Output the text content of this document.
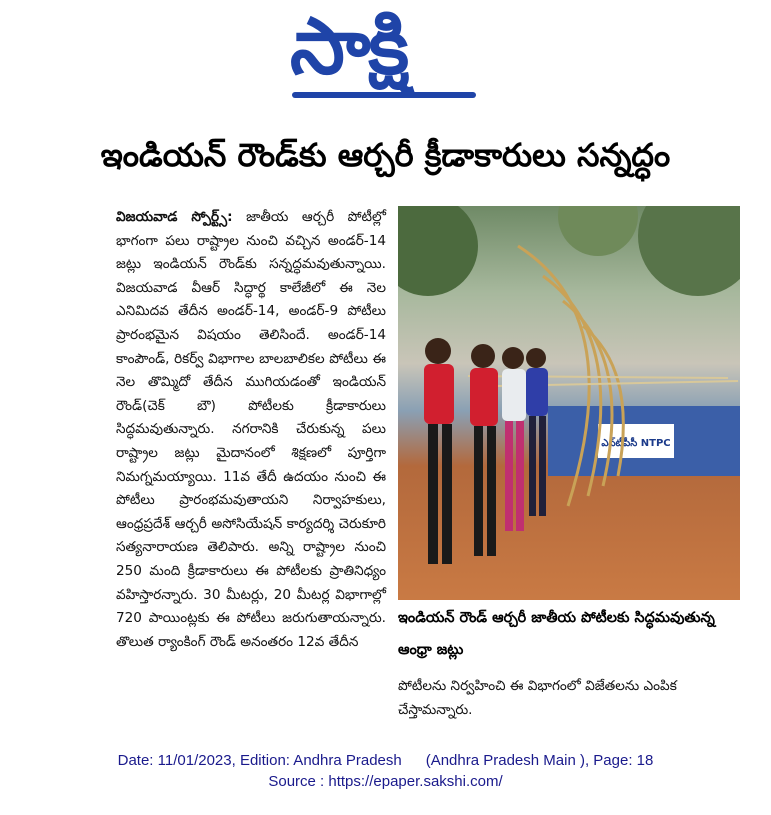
సాక్షి
ఇండియన్ రౌండ్‌కు ఆర్చరీ క్రీడాకారులు సన్నద్ధం
విజయవాడ స్పోర్ట్స్‌: జాతీయ ఆర్చరీ పోటీల్లో భాగంగా పలు రాష్ట్రాల నుంచి వచ్చిన అండర్‌-14 జట్లు ఇండియన్‌ రౌండ్‌కు సన్నద్ధమవుతున్నాయి. విజయవాడ వీఆర్‌ సిద్ధార్థ కాలేజీలో ఈ నెల ఎనిమిదవ తేదీన అండర్‌-14, అండర్‌-9 పోటీలు ప్రారంభమైన విషయం తెలిసిందే. అండర్‌-14 కాంపౌండ్‌, రికర్వ్‌ విభాగాల బాలబాలికల పోటీలు ఈ నెల తొమ్మిదో తేదీన ముగియడంతో ఇండియన్‌ రౌండ్‌(చెక్‌ బౌ) పోటీలకు క్రీడాకారులు సిద్ధమవుతున్నారు. నగరానికి చేరుకున్న పలు రాష్ట్రాల జట్లు మైదానంలో శిక్షణలో పూర్తిగా నిమగ్నమయ్యాయి. 11వ తేదీ ఉదయం నుంచి ఈ పోటీలు ప్రారంభమవుతాయని నిర్వాహకులు, ఆంధ్రప్రదేశ్‌ ఆర్చరీ అసోసియేషన్‌ కార్యదర్శి చెరుకూరి సత్యనారాయణ తెలిపారు. అన్ని రాష్ట్రాల నుంచి 250 మంది క్రీడాకారులు ఈ పోటీలకు ప్రాతినిధ్యం వహిస్తారన్నారు. 30 మీటర్లు, 20 మీటర్ల విభాగాల్లో 720 పాయింట్లకు ఈ పోటీలు జరుగుతాయన్నారు. తొలుత ర్యాంకింగ్‌ రౌండ్‌ అనంతరం 12వ తేదీన
ఎన్‌టీపీసీ NTPC
ఇండియన్‌ రౌండ్‌ ఆర్చరీ జాతీయ పోటీలకు సిద్ధమవుతున్న ఆంధ్రా జట్లు
పోటీలను నిర్వహించి ఈ విభాగంలో విజేతలను ఎంపిక చేస్తామన్నారు.
Date: 11/01/2023, Edition: Andhra Pradesh (Andhra Pradesh Main ), Page: 18
Source : https://epaper.sakshi.com/
